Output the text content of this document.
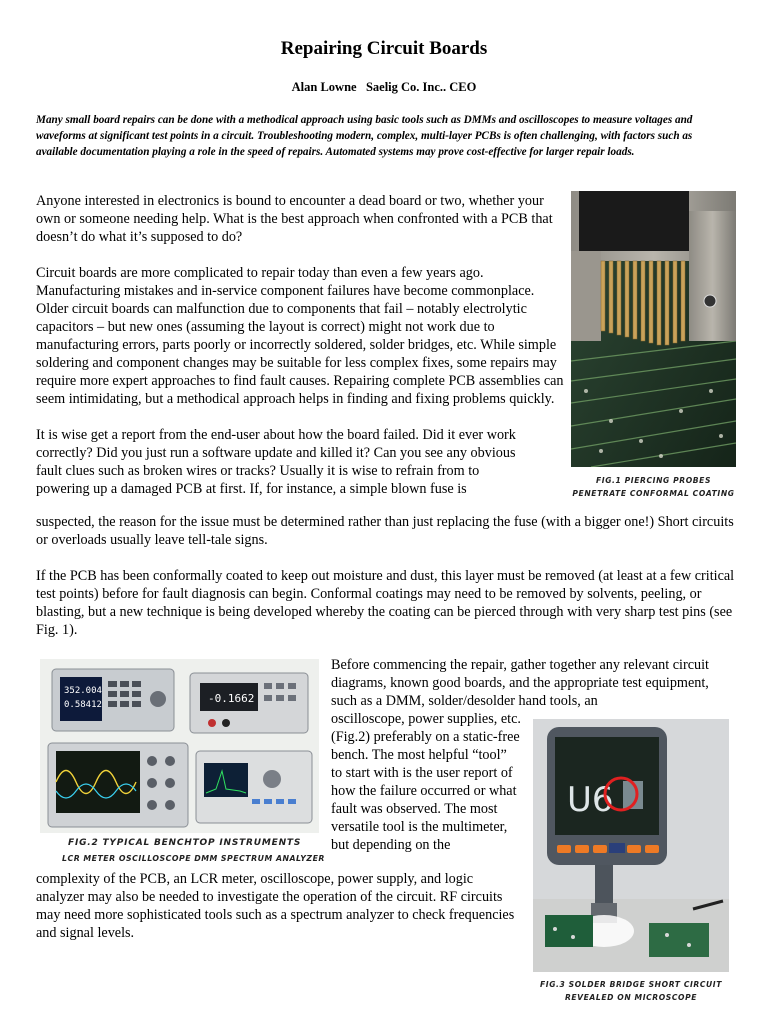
Repairing Circuit Boards
Alan Lowne   Saelig Co. Inc.. CEO
Many small board repairs can be done with a methodical approach using basic tools such as DMMs and oscilloscopes to measure voltages and waveforms at significant test points in a circuit. Troubleshooting modern, complex, multi-layer PCBs is often challenging, with factors such as available documentation playing a role in the speed of repairs. Automated systems may prove cost-effective for larger repair loads.

Anyone interested in electronics is bound to encounter a dead board or two, whether your own or someone needing help. What is the best approach when confronted with a PCB that doesn’t do what it’s supposed to do?

Circuit boards are more complicated to repair today than even a few years ago. Manufacturing mistakes and in-service component failures have become commonplace. Older circuit boards can malfunction due to components that fail – notably electrolytic capacitors – but new ones (assuming the layout is correct) might not work due to manufacturing errors, parts poorly or incorrectly soldered, solder bridges, etc. While simple soldering and component changes may be suitable for less complex fixes, some repairs may require more expert approaches to find fault causes. Repairing complete PCB assemblies can seem intimidating, but a methodical approach helps in finding and fixing problems quickly.

It is wise get a report from the end-user about how the board failed. Did it ever work correctly? Did you just run a software update and killed it? Can you see any obvious fault clues such as broken wires or tracks? Usually it is wise to refrain from to powering up a damaged PCB at first. If, for instance, a simple blown fuse is

suspected, the reason for the issue must be determined rather than just replacing the fuse (with a bigger one!) Short circuits or overloads usually leave tell-tale signs.

If the PCB has been conformally coated to keep out moisture and dust, this layer must be removed (at least at a few critical test points) before for fault diagnosis can begin. Conformal coatings may need to be removed by solvents, peeling, or blasting, but a new technique is being developed whereby the coating can be pierced through with very sharp test pins (see Fig. 1).

Before commencing the repair, gather together any relevant circuit diagrams, known good boards, and the appropriate test equipment, such as a DMM, solder/desolder hand tools, an
oscilloscope, power supplies, etc. (Fig.2) preferably on a static-free bench. The most helpful “tool” to start with is the user report of how the failure occurred or what fault was observed. The most versatile tool is the multimeter, but depending on the
complexity of the PCB, an LCR meter, oscilloscope, power supply, and logic analyzer may also be needed to investigate the operation of the circuit. RF circuits may need more sophisticated tools such as a spectrum analyzer to check frequencies and signal levels.
FIG.1 PIERCING PROBES
PENETRATE CONFORMAL COATING
352.004
0.58412	-0.1662
FIG.2 TYPICAL BENCHTOP INSTRUMENTS
LCR METER OSCILLOSCOPE DMM SPECTRUM ANALYZER
U6
FIG.3 SOLDER BRIDGE SHORT CIRCUIT
REVEALED ON MICROSCOPE
